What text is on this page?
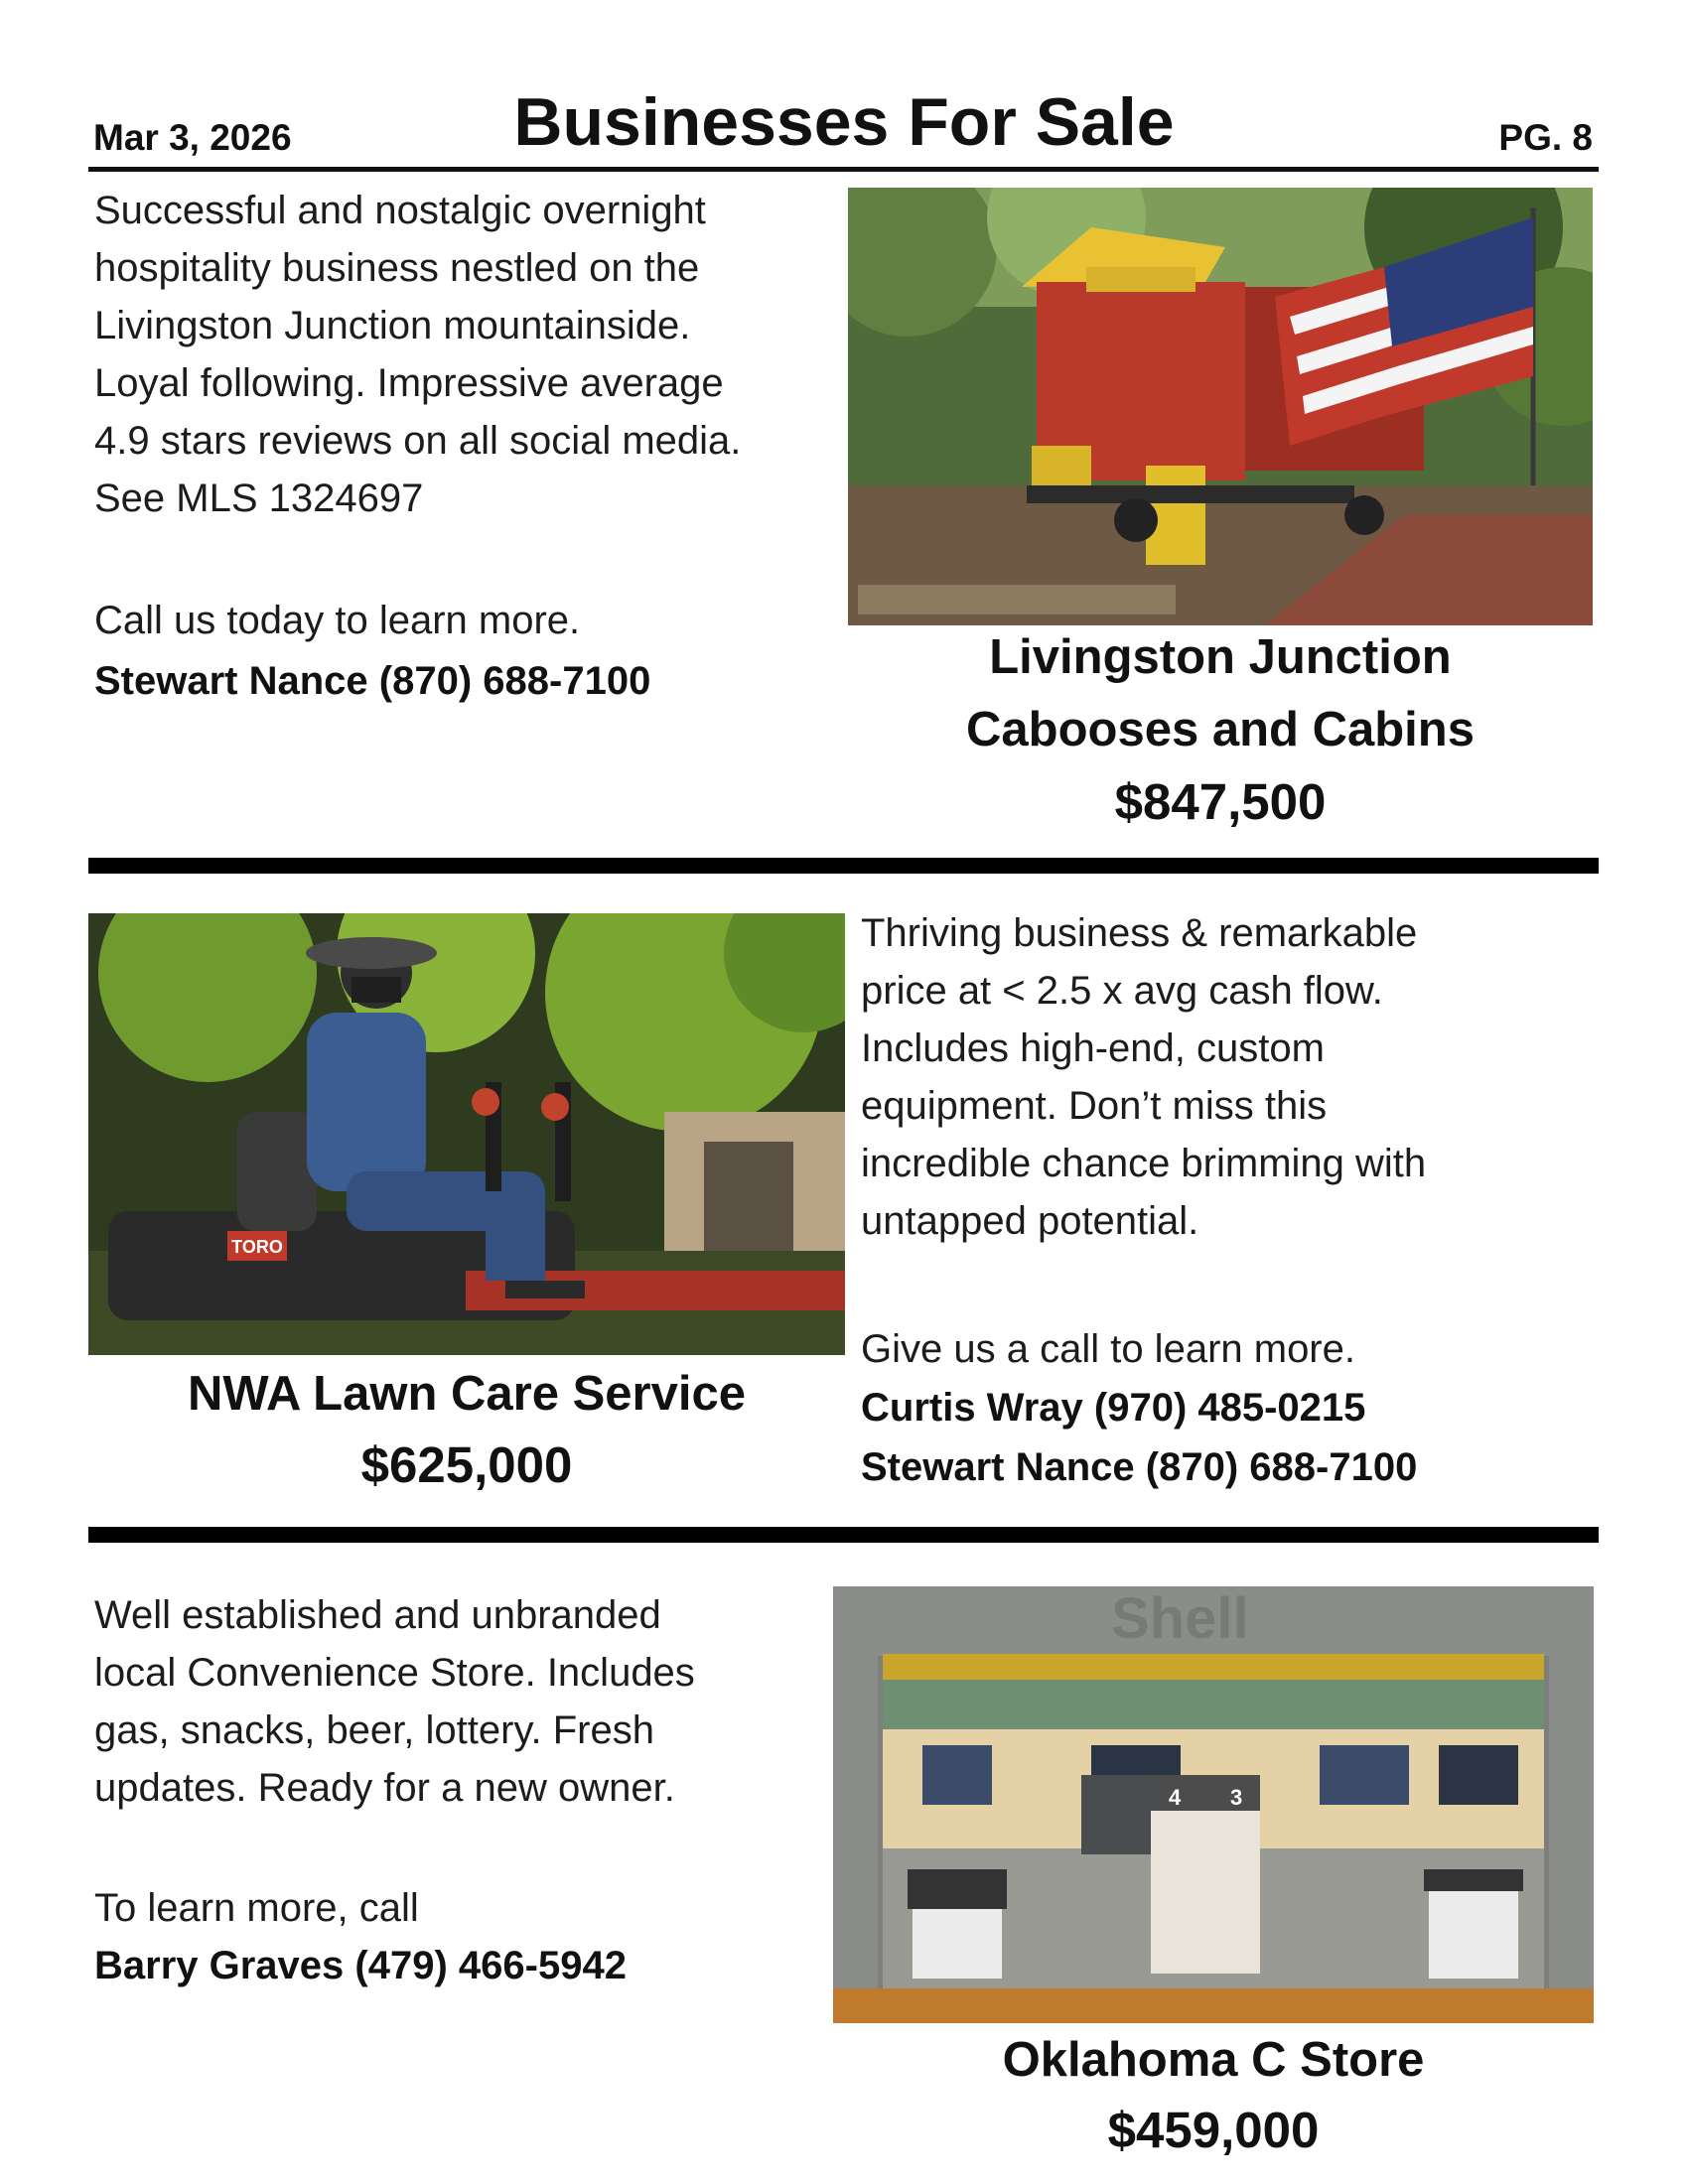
Mar 3, 2026	Businesses For Sale	PG. 8

Successful and nostalgic overnight

hospitality business nestled on the

Livingston Junction mountainside.

Loyal following. Impressive average

4.9 stars reviews on all social media.

See MLS 1324697

Call us today to learn more.
Stewart Nance (870) 688-7100	Livingston Junction
Cabooses and Cabins
$847,500
TORO

Thriving business & remarkable

price at < 2.5 x avg cash flow.

Includes high-end, custom

equipment. Don’t miss this

incredible chance brimming with

untapped potential.

Give us a call to learn more.
Curtis Wray (970) 485-0215
Stewart Nance (870) 688-7100
NWA Lawn Care Service
$625,000

Well established and unbranded

local Convenience Store. Includes

gas, snacks, beer, lottery. Fresh

updates. Ready for a new owner.

To learn more, call
Barry Graves (479) 466-5942
Shell
4 3
Oklahoma C Store
$459,000
